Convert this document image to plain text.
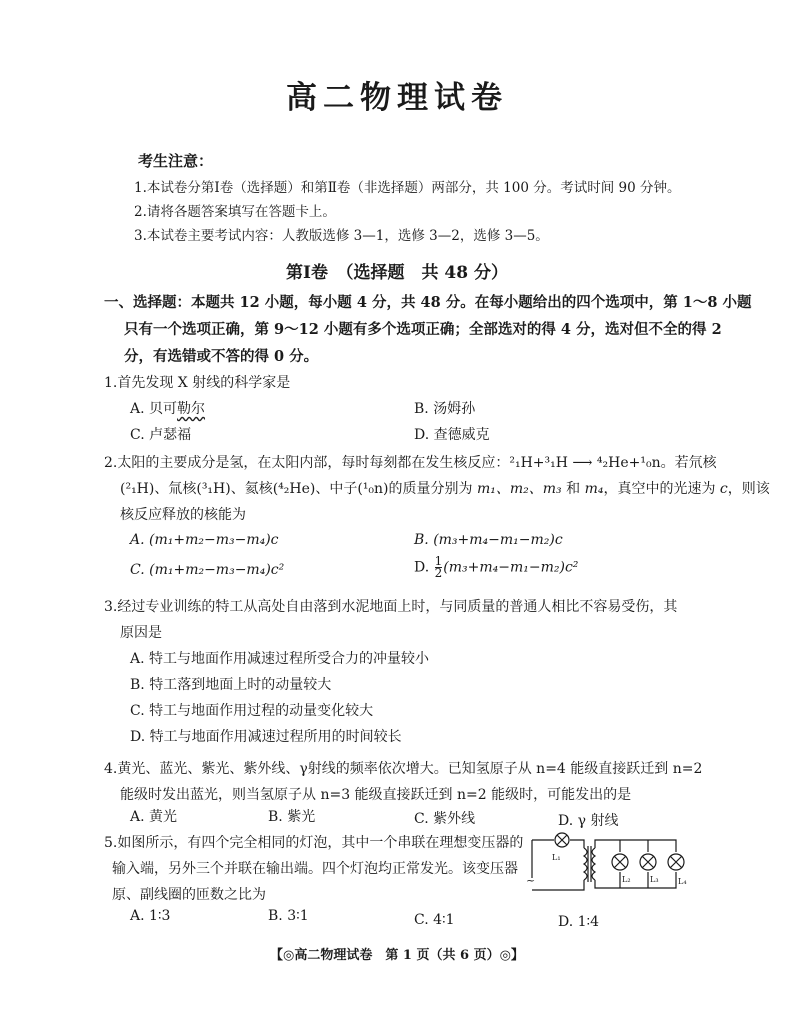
高二物理试卷
考生注意：
1.本试卷分第Ⅰ卷（选择题）和第Ⅱ卷（非选择题）两部分，共 100 分。考试时间 90 分钟。
2.请将各题答案填写在答题卡上。
3.本试卷主要考试内容：人教版选修 3—1，选修 3—2，选修 3—5。
第Ⅰ卷　（选择题　共 48 分）
一、选择题：本题共 12 小题，每小题 4 分，共 48 分。在每小题给出的四个选项中，第 1～8 小题
只有一个选项正确，第 9～12 小题有多个选项正确；全部选对的得 4 分，选对但不全的得 2
分，有选错或不答的得 0 分。
1.首先发现 X 射线的科学家是
A. 贝可勒尔	B. 汤姆孙
C. 卢瑟福	D. 查德威克
2.太阳的主要成分是氢，在太阳内部，每时每刻都在发生核反应：²₁H+³₁H ⟶ ⁴₂He+¹₀n。若氘核
(²₁H)、氚核(³₁H)、氦核(⁴₂He)、中子(¹₀n)的质量分别为 m₁、m₂、m₃ 和 m₄，真空中的光速为 c，则该
核反应释放的核能为
A. (m₁+m₂−m₃−m₄)c	B. (m₃+m₄−m₁−m₂)c
C. (m₁+m₂−m₃−m₄)c²	D. $\frac{1}{2} (m_3+m_4-m_1-m_2)c^2$
3.经过专业训练的特工从高处自由落到水泥地面上时，与同质量的普通人相比不容易受伤，其
原因是
A. 特工与地面作用减速过程所受合力的冲量较小
B. 特工落到地面上时的动量较大
C. 特工与地面作用过程的动量变化较大
D. 特工与地面作用减速过程所用的时间较长
4.黄光、蓝光、紫光、紫外线、γ射线的频率依次增大。已知氢原子从 n=4 能级直接跃迁到 n=2
能级时发出蓝光，则当氢原子从 n=3 能级直接跃迁到 n=2 能级时，可能发出的是
A. 黄光	B. 紫光	C. 紫外线	D. γ 射线
5.如图所示，有四个完全相同的灯泡，其中一个串联在理想变压器的
输入端，另外三个并联在输出端。四个灯泡均正常发光。该变压器
原、副线圈的匝数之比为
A. 1∶3	B. 3∶1	C. 4∶1	D. 1∶4
L₁
L₂ L₃ L₄
~
【◎高二物理试卷　第 1 页（共 6 页）◎】
